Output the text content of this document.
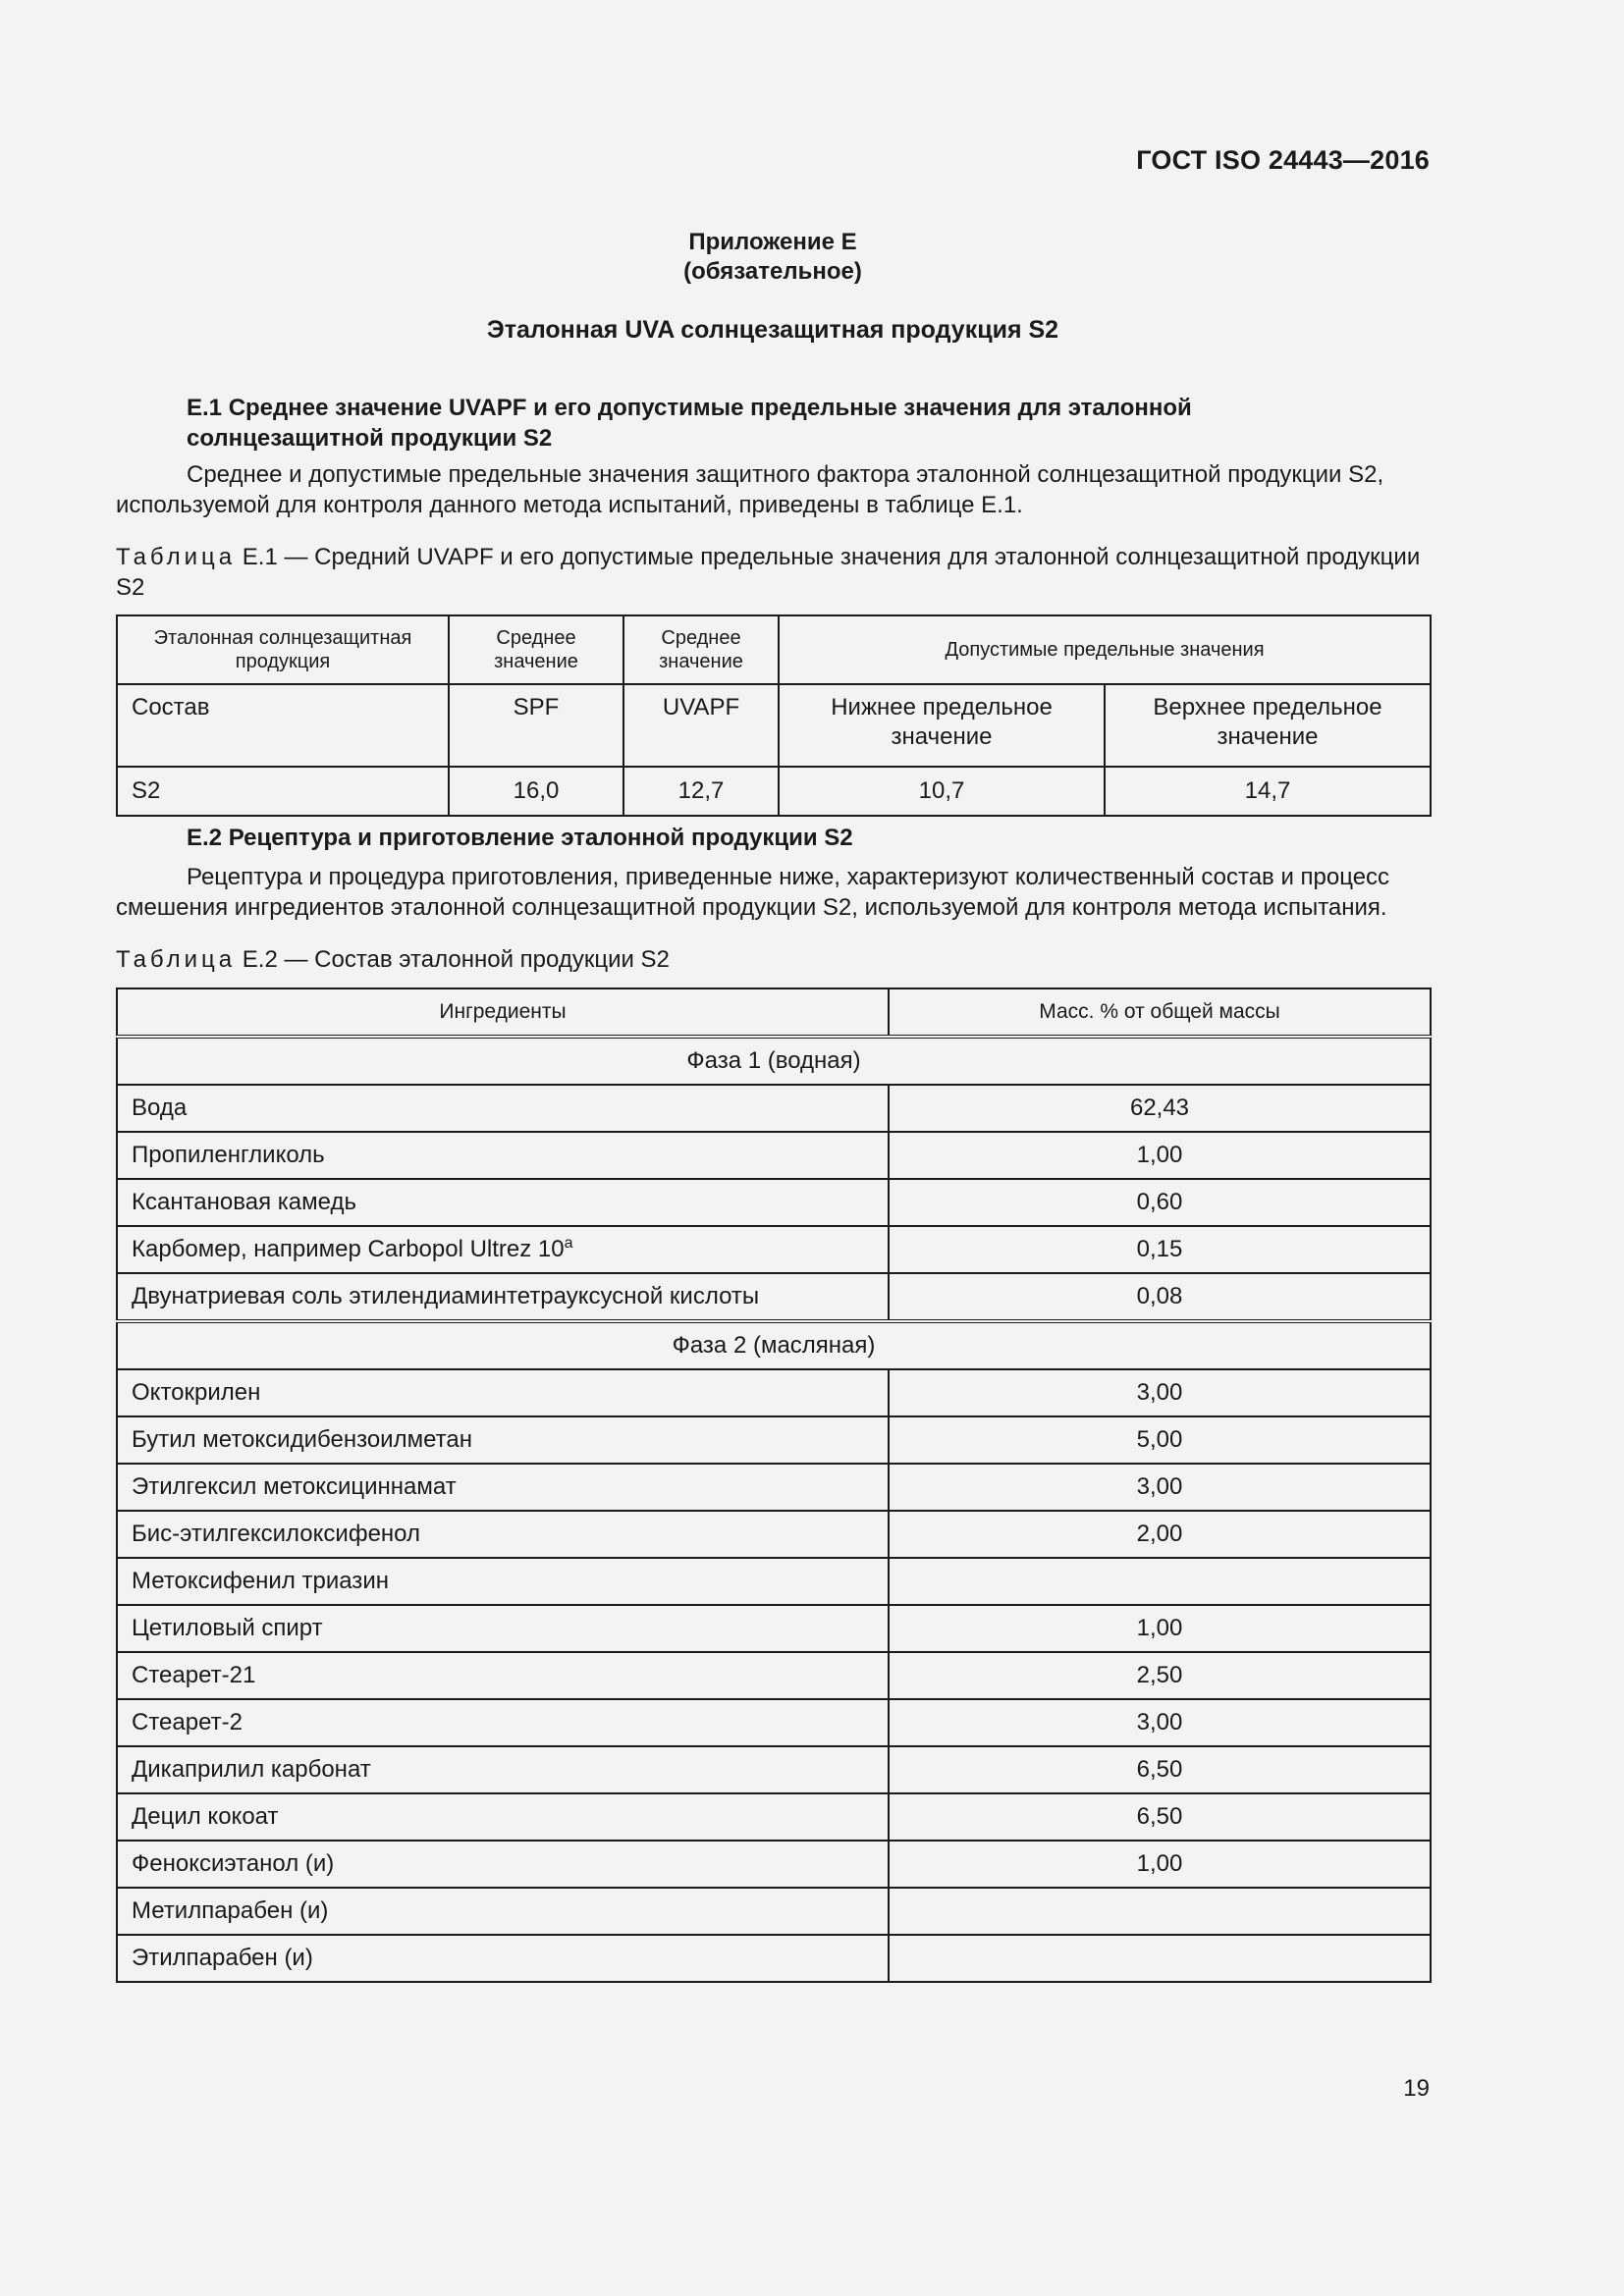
ГОСТ ISO 24443—2016
Приложение Е
(обязательное)
Эталонная UVA солнцезащитная продукция S2
Е.1 Среднее значение UVAPF и его допустимые предельные значения для эталонной солнцезащитной продукции S2
Среднее и допустимые предельные значения защитного фактора эталонной солнцезащитной продукции S2, используемой для контроля данного метода испытаний, приведены в таблице Е.1.
Таблица Е.1 — Средний UVAPF и его допустимые предельные значения для эталонной солнцезащитной продукции S2
Эталонная солнцезащитная продукция	Среднее значение	Среднее значение	Допустимые предельные значения	
Состав	SPF	UVAPF	Нижнее предельное значение	Верхнее предельное значение
S2	16,0	12,7	10,7	14,7
Е.2 Рецептура и приготовление эталонной продукции S2
Рецептура и процедура приготовления, приведенные ниже, характеризуют количественный состав и процесс смешения ингредиентов эталонной солнцезащитной продукции S2, используемой для контроля метода испытания.
Таблица Е.2 — Состав эталонной продукции S2
Ингредиенты	Масс. % от общей массы
Фаза 1 (водная)	
Вода	62,43
Пропиленгликоль	1,00
Ксантановая камедь	0,60
Карбомер, например Carbopol Ultrez 10$^a$	0,15
Двунатриевая соль этилендиаминтетрауксусной кислоты	0,08
Фаза 2 (масляная)	
Октокрилен	3,00
Бутил метоксидибензоилметан	5,00
Этилгексил метоксициннамат	3,00
Бис-этилгексилоксифенол	2,00
Метоксифенил триазин	
Цетиловый спирт	1,00
Стеарет-21	2,50
Стеарет-2	3,00
Дикаприлил карбонат	6,50
Децил кокоат	6,50
Феноксиэтанол (и)	1,00
Метилпарабен (и)	
Этилпарабен (и)	
19
